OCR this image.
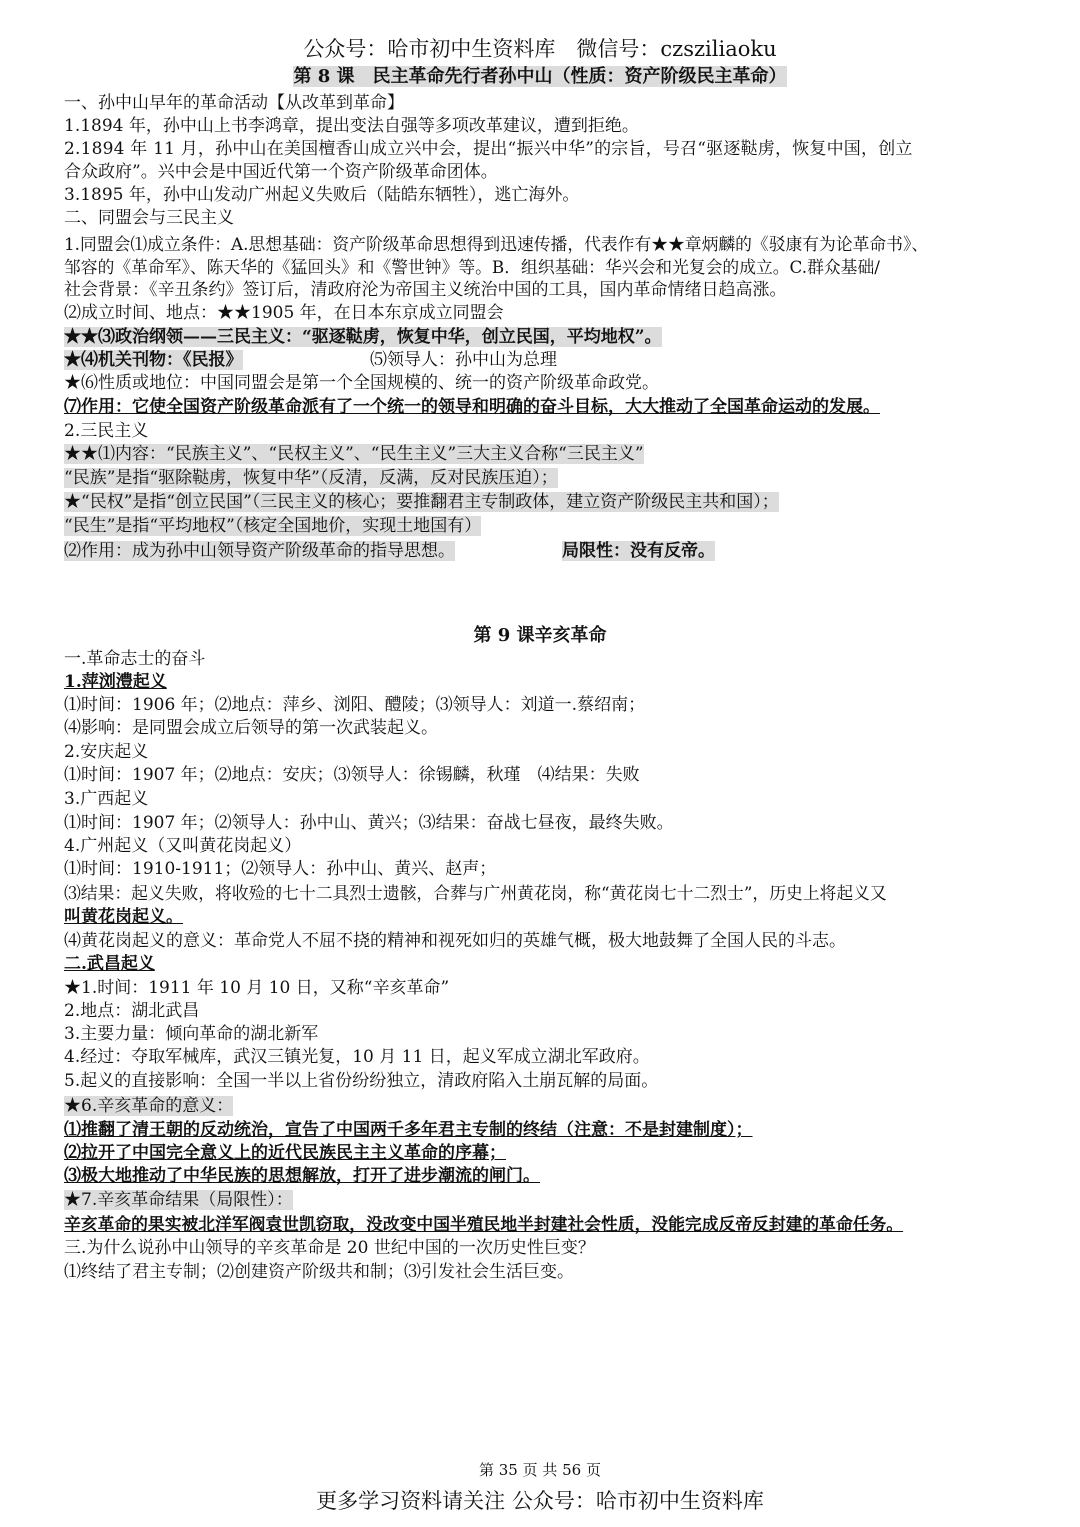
公众号：哈市初中生资料库　微信号：czsziliaoku
第 8 课　民主革命先行者孙中山（性质：资产阶级民主革命）
一、孙中山早年的革命活动【从改革到革命】
1.1894 年，孙中山上书李鸿章，提出变法自强等多项改革建议，遭到拒绝。
2.1894 年 11 月，孙中山在美国檀香山成立兴中会，提出“振兴中华”的宗旨，号召“驱逐鞑虏，恢复中国，创立
合众政府”。兴中会是中国近代第一个资产阶级革命团体。
3.1895 年，孙中山发动广州起义失败后（陆皓东牺牲），逃亡海外。
二、同盟会与三民主义
1.同盟会⑴成立条件：A.思想基础：资产阶级革命思想得到迅速传播，代表作有★★章炳麟的《驳康有为论革命书》、
邹容的《革命军》、陈天华的《猛回头》和《警世钟》等。B．组织基础：华兴会和光复会的成立。C.群众基础/
社会背景：《辛丑条约》签订后，清政府沦为帝国主义统治中国的工具，国内革命情绪日趋高涨。
⑵成立时间、地点：★★1905 年，在日本东京成立同盟会
★★⑶政治纲领——三民主义：“驱逐鞑虏，恢复中华，创立民国，平均地权”。
★⑷机关刊物：《民报》	⑸领导人：孙中山为总理
★⑹性质或地位：中国同盟会是第一个全国规模的、统一的资产阶级革命政党。
⑺作用：它使全国资产阶级革命派有了一个统一的领导和明确的奋斗目标，大大推动了全国革命运动的发展。
2.三民主义
★★⑴内容：“民族主义”、“民权主义”、“民生主义”三大主义合称“三民主义”
“民族”是指“驱除鞑虏，恢复中华”（反清，反满，反对民族压迫）；
★“民权”是指“创立民国”（三民主义的核心；要推翻君主专制政体，建立资产阶级民主共和国）；
“民生”是指“平均地权”（核定全国地价，实现土地国有）
⑵作用：成为孙中山领导资产阶级革命的指导思想。	局限性：没有反帝。
第 9 课辛亥革命
一.革命志士的奋斗
1.萍浏澧起义
⑴时间：1906 年；⑵地点：萍乡、浏阳、醴陵；⑶领导人：刘道一.蔡绍南；
⑷影响：是同盟会成立后领导的第一次武装起义。
2.安庆起义
⑴时间：1907 年；⑵地点：安庆；⑶领导人：徐锡麟，秋瑾　⑷结果：失败
3.广西起义
⑴时间：1907 年；⑵领导人：孙中山、黄兴；⑶结果：奋战七昼夜，最终失败。
4.广州起义（又叫黄花岗起义）
⑴时间：1910-1911；⑵领导人：孙中山、黄兴、赵声；
⑶结果：起义失败，将收殓的七十二具烈士遗骸，合葬与广州黄花岗，称“黄花岗七十二烈士”，历史上将起义又
叫黄花岗起义。
⑷黄花岗起义的意义：革命党人不屈不挠的精神和视死如归的英雄气概，极大地鼓舞了全国人民的斗志。
二.武昌起义
★1.时间：1911 年 10 月 10 日，又称“辛亥革命”
2.地点：湖北武昌
3.主要力量：倾向革命的湖北新军
4.经过：夺取军械库，武汉三镇光复，10 月 11 日，起义军成立湖北军政府。
5.起义的直接影响：全国一半以上省份纷纷独立，清政府陷入土崩瓦解的局面。
★6.辛亥革命的意义：
⑴推翻了清王朝的反动统治，宣告了中国两千多年君主专制的终结（注意：不是封建制度）；
⑵拉开了中国完全意义上的近代民族民主主义革命的序幕；
⑶极大地推动了中华民族的思想解放，打开了进步潮流的闸门。
★7.辛亥革命结果（局限性）：
辛亥革命的果实被北洋军阀袁世凯窃取，没改变中国半殖民地半封建社会性质，没能完成反帝反封建的革命任务。
三.为什么说孙中山领导的辛亥革命是 20 世纪中国的一次历史性巨变？
⑴终结了君主专制；⑵创建资产阶级共和制；⑶引发社会生活巨变。
第 35 页 共 56 页
更多学习资料请关注 公众号：哈市初中生资料库
